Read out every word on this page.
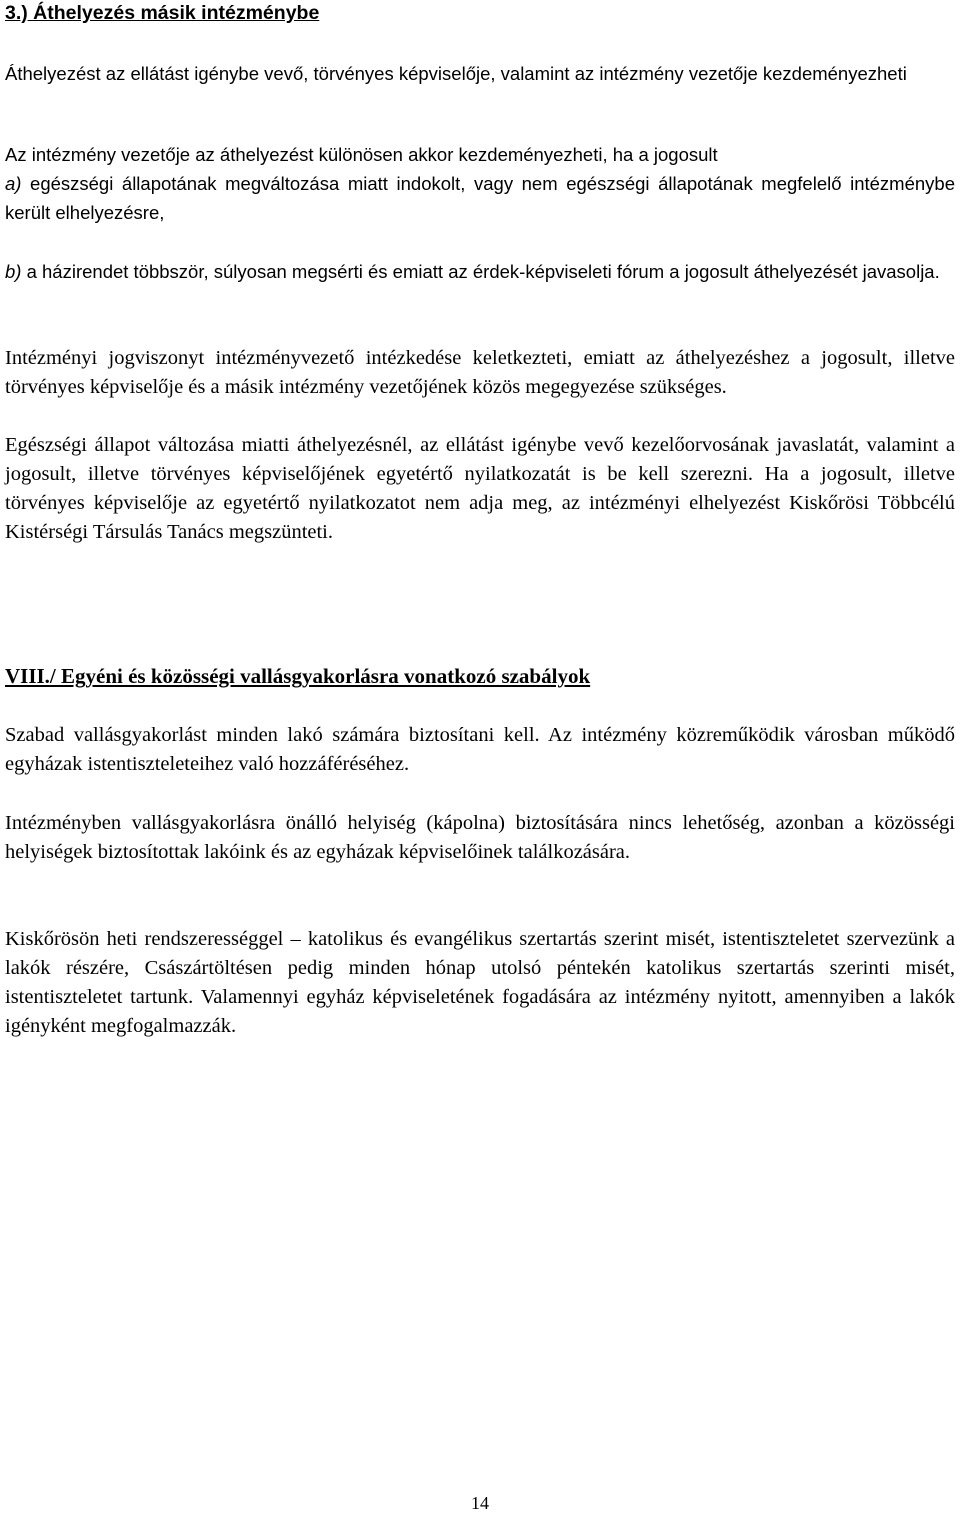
3.) Áthelyezés másik intézménybe
Áthelyezést az ellátást igénybe vevő, törvényes képviselője, valamint az intézmény vezetője kezdeményezheti
Az intézmény vezetője az áthelyezést különösen akkor kezdeményezheti, ha a jogosult
a) egészségi állapotának megváltozása miatt indokolt, vagy nem egészségi állapotának megfelelő intézménybe került elhelyezésre,
b) a házirendet többször, súlyosan megsérti és emiatt az érdek-képviseleti fórum a jogosult áthelyezését javasolja.
Intézményi jogviszonyt intézményvezető intézkedése keletkezteti, emiatt az áthelyezéshez a jogosult, illetve törvényes képviselője és a másik intézmény vezetőjének közös megegyezése szükséges.
Egészségi állapot változása miatti áthelyezésnél, az ellátást igénybe vevő kezelőorvosának javaslatát, valamint a jogosult, illetve törvényes képviselőjének egyetértő nyilatkozatát is be kell szerezni. Ha a jogosult, illetve törvényes képviselője az egyetértő nyilatkozatot nem adja meg, az intézményi elhelyezést Kiskőrösi Többcélú Kistérségi Társulás Tanács megszünteti.
VIII./ Egyéni és közösségi vallásgyakorlásra vonatkozó szabályok
Szabad vallásgyakorlást minden lakó számára biztosítani kell. Az intézmény közreműködik városban működő egyházak istentiszteleteihez való hozzáféréséhez.
Intézményben vallásgyakorlásra önálló helyiség (kápolna) biztosítására nincs lehetőség, azonban a közösségi helyiségek biztosítottak lakóink és az egyházak képviselőinek találkozására.
Kiskőrösön heti rendszerességgel – katolikus és evangélikus szertartás szerint misét, istentiszteletet szervezünk a lakók részére, Császártöltésen pedig minden hónap utolsó péntekén katolikus szertartás szerinti misét, istentiszteletet tartunk. Valamennyi egyház képviseletének fogadására az intézmény nyitott, amennyiben a lakók igényként megfogalmazzák.
14
